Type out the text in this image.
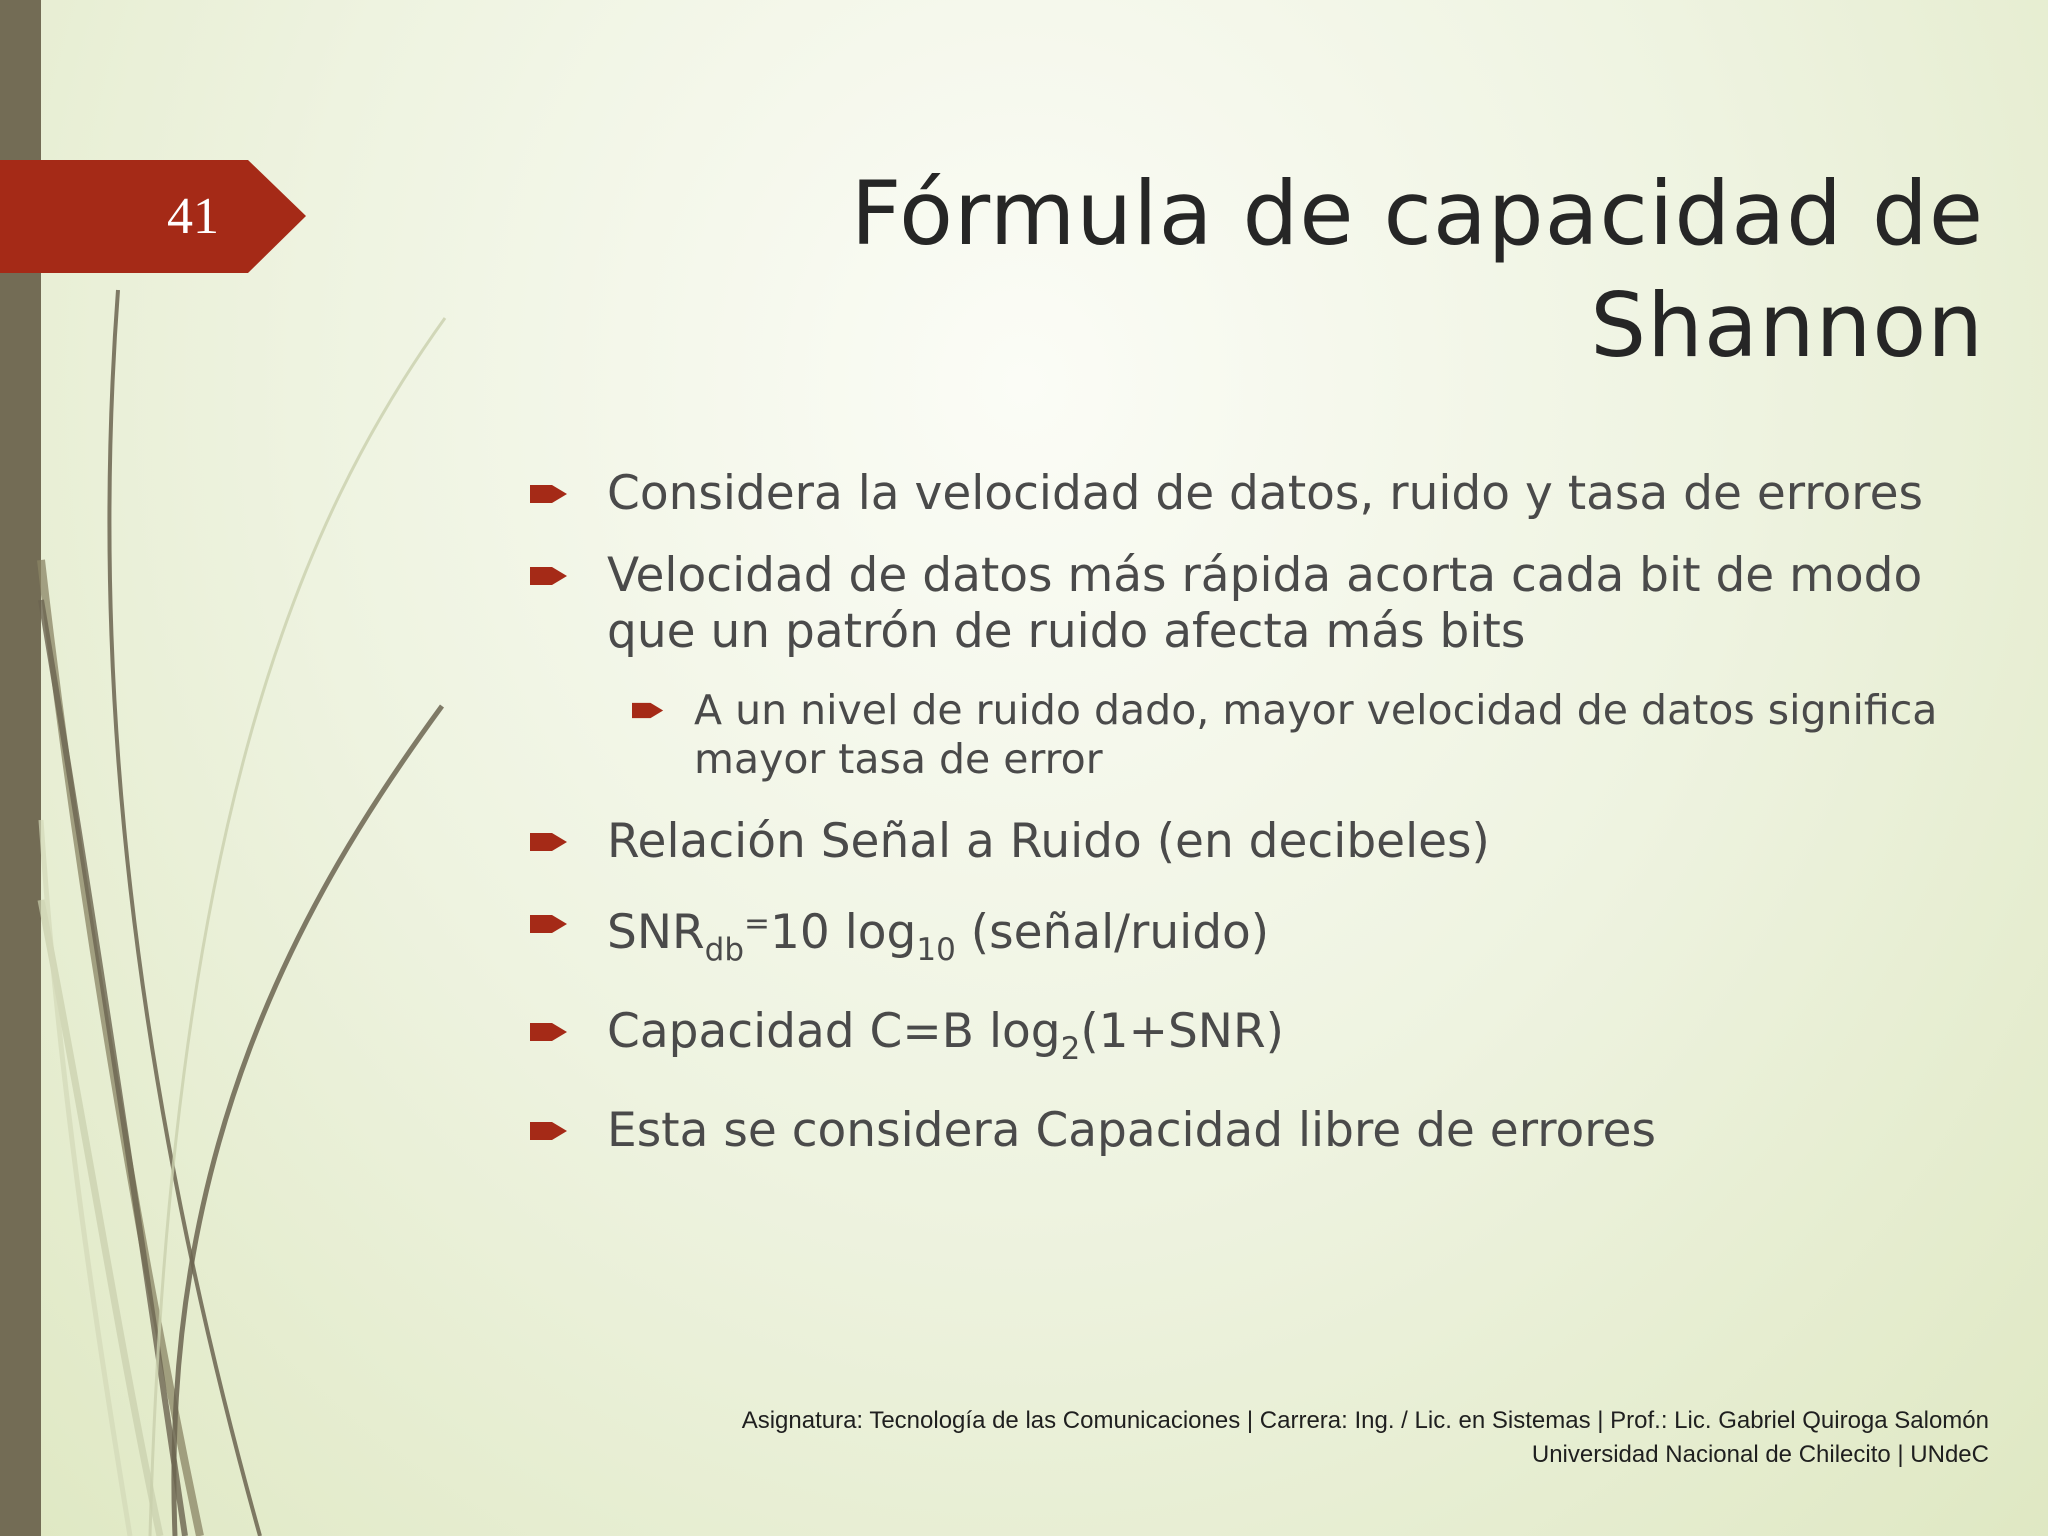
41	Fórmula de capacidad de
Shannon
Considera la velocidad de datos, ruido y tasa de errores
Velocidad de datos más rápida acorta cada bit de modo que un patrón de ruido afecta más bits
A un nivel de ruido dado, mayor velocidad de datos significa mayor tasa de error
Relación Señal a Ruido (en decibeles)
$SNR_{db}^=10$ $\log_{10}$ (señal/ruido)
Capacidad C=B $\log_2(1+SNR)$
Esta se considera Capacidad libre de errores
Asignatura: Tecnología de las Comunicaciones | Carrera: Ing. / Lic. en Sistemas | Prof.: Lic. Gabriel Quiroga Salomón
Universidad Nacional de Chilecito | UNdeC
